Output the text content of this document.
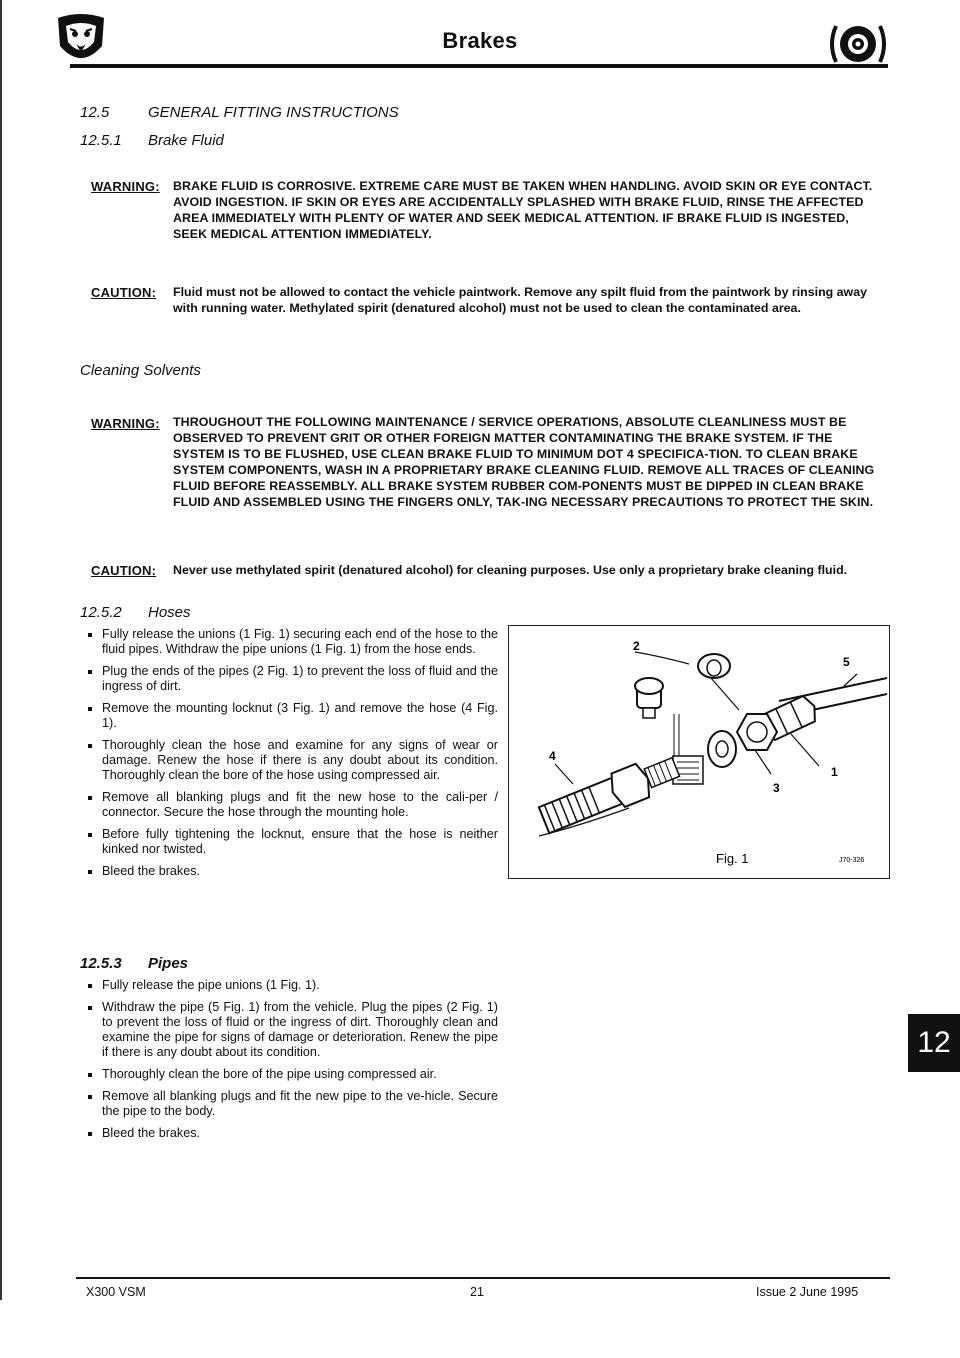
Brakes
12.5	GENERAL FITTING INSTRUCTIONS
12.5.1 Brake Fluid
WARNING: BRAKE FLUID IS CORROSIVE. EXTREME CARE MUST BE TAKEN WHEN HANDLING. AVOID SKIN OR EYE CONTACT. AVOID INGESTION. IF SKIN OR EYES ARE ACCIDENTALLY SPLASHED WITH BRAKE FLUID, RINSE THE AFFECTED AREA IMMEDIATELY WITH PLENTY OF WATER AND SEEK MEDICAL ATTENTION. IF BRAKE FLUID IS INGESTED, SEEK MEDICAL ATTENTION IMMEDIATELY.
CAUTION: Fluid must not be allowed to contact the vehicle paintwork. Remove any spilt fluid from the paintwork by rinsing away with running water. Methylated spirit (denatured alcohol) must not be used to clean the contaminated area.
Cleaning Solvents
WARNING: THROUGHOUT THE FOLLOWING MAINTENANCE / SERVICE OPERATIONS, ABSOLUTE CLEANLINESS MUST BE OBSERVED TO PREVENT GRIT OR OTHER FOREIGN MATTER CONTAMINATING THE BRAKE SYSTEM. IF THE SYSTEM IS TO BE FLUSHED, USE CLEAN BRAKE FLUID TO MINIMUM DOT 4 SPECIFICA-TION. TO CLEAN BRAKE SYSTEM COMPONENTS, WASH IN A PROPRIETARY BRAKE CLEANING FLUID. REMOVE ALL TRACES OF CLEANING FLUID BEFORE REASSEMBLY. ALL BRAKE SYSTEM RUBBER COM-PONENTS MUST BE DIPPED IN CLEAN BRAKE FLUID AND ASSEMBLED USING THE FINGERS ONLY, TAK-ING NECESSARY PRECAUTIONS TO PROTECT THE SKIN.
CAUTION: Never use methylated spirit (denatured alcohol) for cleaning purposes. Use only a proprietary brake cleaning fluid.
12.5.2 Hoses
Fully release the unions (1 Fig. 1) securing each end of the hose to the fluid pipes. Withdraw the pipe unions (1 Fig. 1) from the hose ends.
Plug the ends of the pipes (2 Fig. 1) to prevent the loss of fluid and the ingress of dirt.
Remove the mounting locknut (3 Fig. 1) and remove the hose (4 Fig. 1).
Thoroughly clean the hose and examine for any signs of wear or damage. Renew the hose if there is any doubt about its condition. Thoroughly clean the bore of the hose using compressed air.
Remove all blanking plugs and fit the new hose to the cali-per / connector. Secure the hose through the mounting hole.
Before fully tightening the locknut, ensure that the hose is neither kinked nor twisted.
Bleed the brakes.
2
5
4
1
3
Fig. 1	J70-326
12.5.3 Pipes
Fully release the pipe unions (1 Fig. 1).
Withdraw the pipe (5 Fig. 1) from the vehicle. Plug the pipes (2 Fig. 1) to prevent the loss of fluid or the ingress of dirt. Thoroughly clean and examine the pipe for signs of damage or deterioration. Renew the pipe if there is any doubt about its condition.
Thoroughly clean the bore of the pipe using compressed air.
Remove all blanking plugs and fit the new pipe to the ve-hicle. Secure the pipe to the body.
Bleed the brakes.
12
X300 VSM	21	Issue 2 June 1995
